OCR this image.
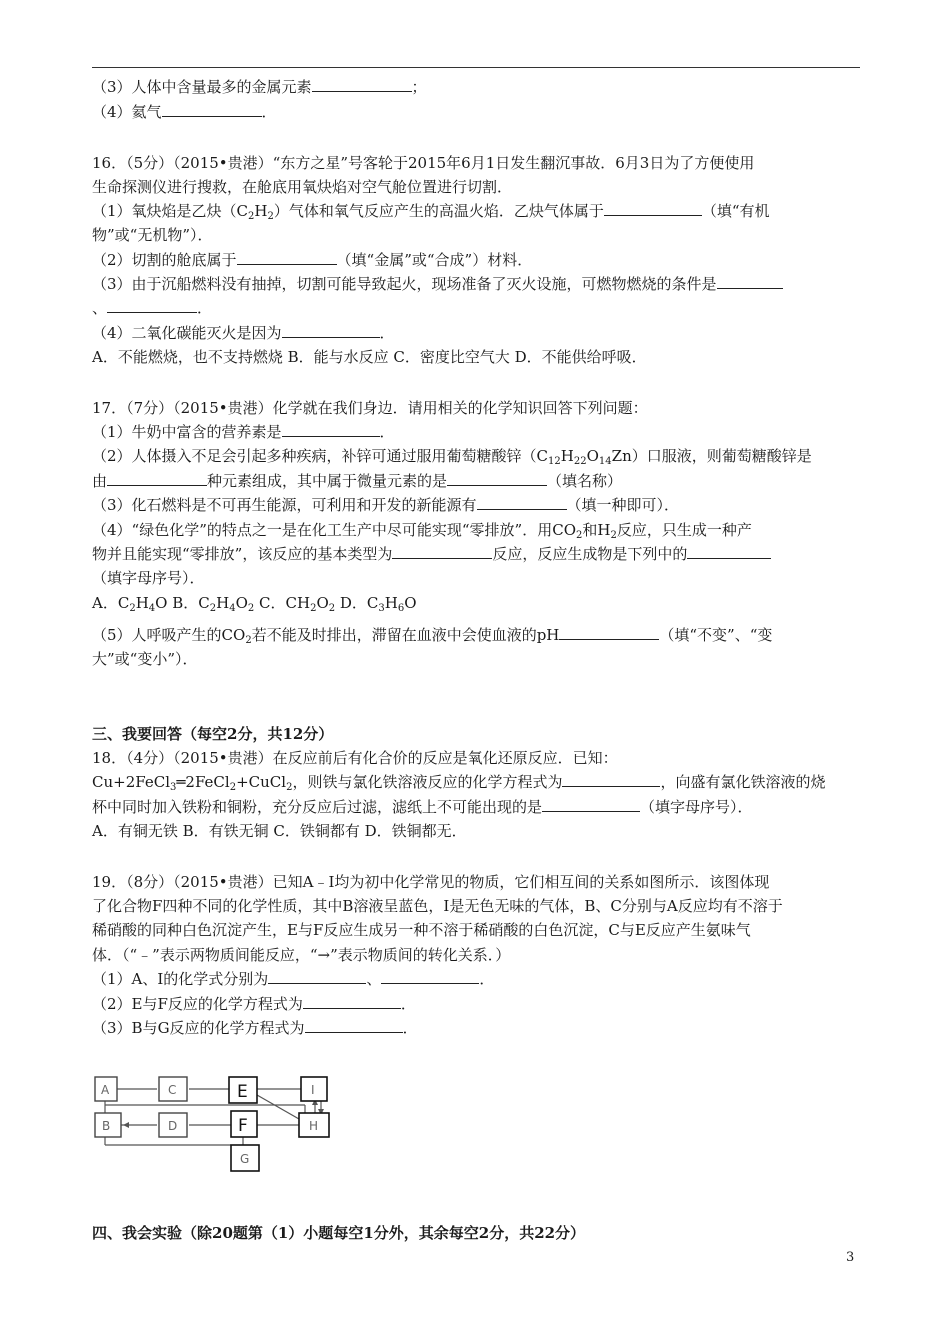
（3）人体中含量最多的金属元素	；
（4）氦气	．
16．（5分）（2015•贵港）“东方之星”号客轮于2015年6月1日发生翻沉事故．6月3日为了方便使用
生命探测仪进行搜救，在舱底用氧炔焰对空气舱位置进行切割．
（1）氧炔焰是乙炔$(C_2H_2)$气体和氧气反应产生的高温火焰．乙炔气体属于	（填“有机
物”或“无机物”）．
（2）切割的舱底属于	（填“金属”或“合成”）材料．
（3）由于沉船燃料没有抽掉，切割可能导致起火，现场准备了灭火设施，可燃物燃烧的条件是
、	．
（4）二氧化碳能灭火是因为	．
A．不能燃烧，也不支持燃烧 B．能与水反应 C．密度比空气大 D．不能供给呼吸．
17．（7分）（2015•贵港）化学就在我们身边．请用相关的化学知识回答下列问题：
（1）牛奶中富含的营养素是	．
（2）人体摄入不足会引起多种疾病，补锌可通过服用葡萄糖酸锌$(C_{12}H_{22}O_{14}Zn)$口服液，则葡萄糖酸锌是
由	种元素组成，其中属于微量元素的是	（填名称）
（3）化石燃料是不可再生能源，可利用和开发的新能源有	（填一种即可）．
（4）“绿色化学”的特点之一是在化工生产中尽可能实现“零排放”．用$CO_2$和$H_2$反应，只生成一种产
物并且能实现“零排放”，该反应的基本类型为	反应，反应生成物是下列中的
（填字母序号）．
A．$C_2H_4O$ B．$C_2H_4O_2$ C．$CH_2O_2$ D．$C_3H_6O$
（5）人呼吸产生的$CO_2$若不能及时排出，滞留在血液中会使血液的pH	（填“不变”、“变
大”或“变小”）．
三、我要回答（每空2分，共12分）
18．（4分）（2015•贵港）在反应前后有化合价的反应是氧化还原反应．已知：
Cu+2FeCl$_3$═2FeCl$_2$+CuCl$_2$，则铁与氯化铁溶液反应的化学方程式为	，向盛有氯化铁溶液的烧
杯中同时加入铁粉和铜粉，充分反应后过滤，滤纸上不可能出现的是	（填字母序号）．
A．有铜无铁 B．有铁无铜 C．铁铜都有 D．铁铜都无．
19．（8分）（2015•贵港）已知A﹣I均为初中化学常见的物质，它们相互间的关系如图所示．该图体现
了化合物F四种不同的化学性质，其中B溶液呈蓝色，I是无色无味的气体，B、C分别与A反应均有不溶于
稀硝酸的同种白色沉淀产生，E与F反应生成另一种不溶于稀硝酸的白色沉淀，C与E反应产生氨味气
体．（“﹣”表示两物质间能反应，“→”表示物质间的转化关系．）
（1）A、I的化学式分别为	、	．
（2）E与F反应的化学方程式为	．
（3）B与G反应的化学方程式为	．
A	C	E	I
B	D	F	H
G
四、我会实验（除20题第（1）小题每空1分外，其余每空2分，共22分）
3
